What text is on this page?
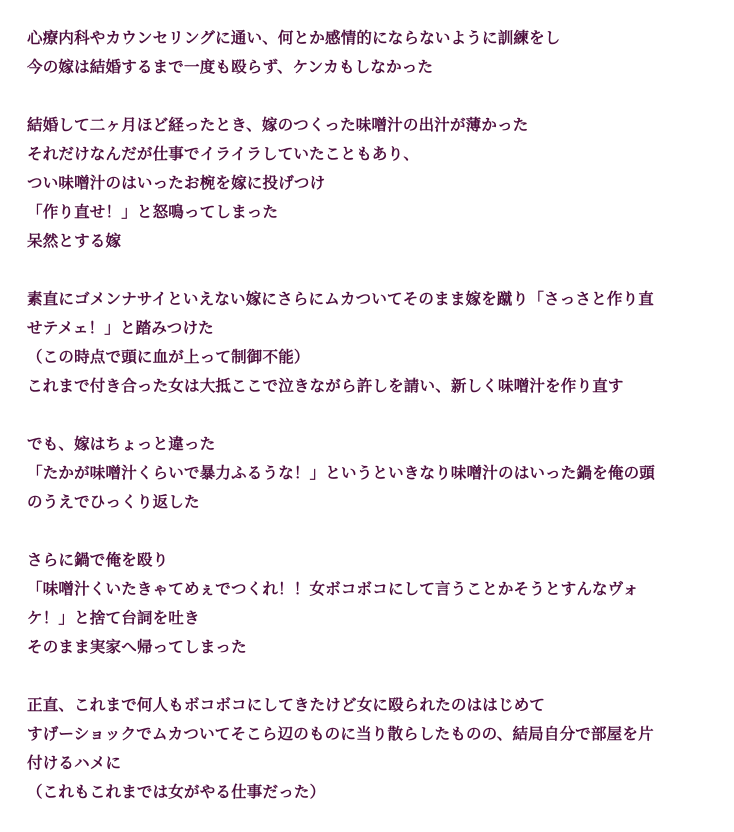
心療内科やカウンセリングに通い、何とか感情的にならないように訓練をし
今の嫁は結婚するまで一度も殴らず、ケンカもしなかった
結婚して二ヶ月ほど経ったとき、嫁のつくった味噌汁の出汁が薄かった
それだけなんだが仕事でイライラしていたこともあり、
つい味噌汁のはいったお椀を嫁に投げつけ
「作り直せ！」と怒鳴ってしまった
呆然とする嫁
素直にゴメンナサイといえない嫁にさらにムカついてそのまま嫁を蹴り「さっさと作り直
せテメェ！」と踏みつけた
（この時点で頭に血が上って制御不能）
これまで付き合った女は大抵ここで泣きながら許しを請い、新しく味噌汁を作り直す
でも、嫁はちょっと違った
「たかが味噌汁くらいで暴力ふるうな！」というといきなり味噌汁のはいった鍋を俺の頭
のうえでひっくり返した
さらに鍋で俺を殴り
「味噌汁くいたきゃてめぇでつくれ！！女ボコボコにして言うことかそうとすんなヴォ
ケ！」と捨て台詞を吐き
そのまま実家へ帰ってしまった
正直、これまで何人もボコボコにしてきたけど女に殴られたのははじめて
すげーショックでムカついてそこら辺のものに当り散らしたものの、結局自分で部屋を片
付けるハメに
（これもこれまでは女がやる仕事だった）
